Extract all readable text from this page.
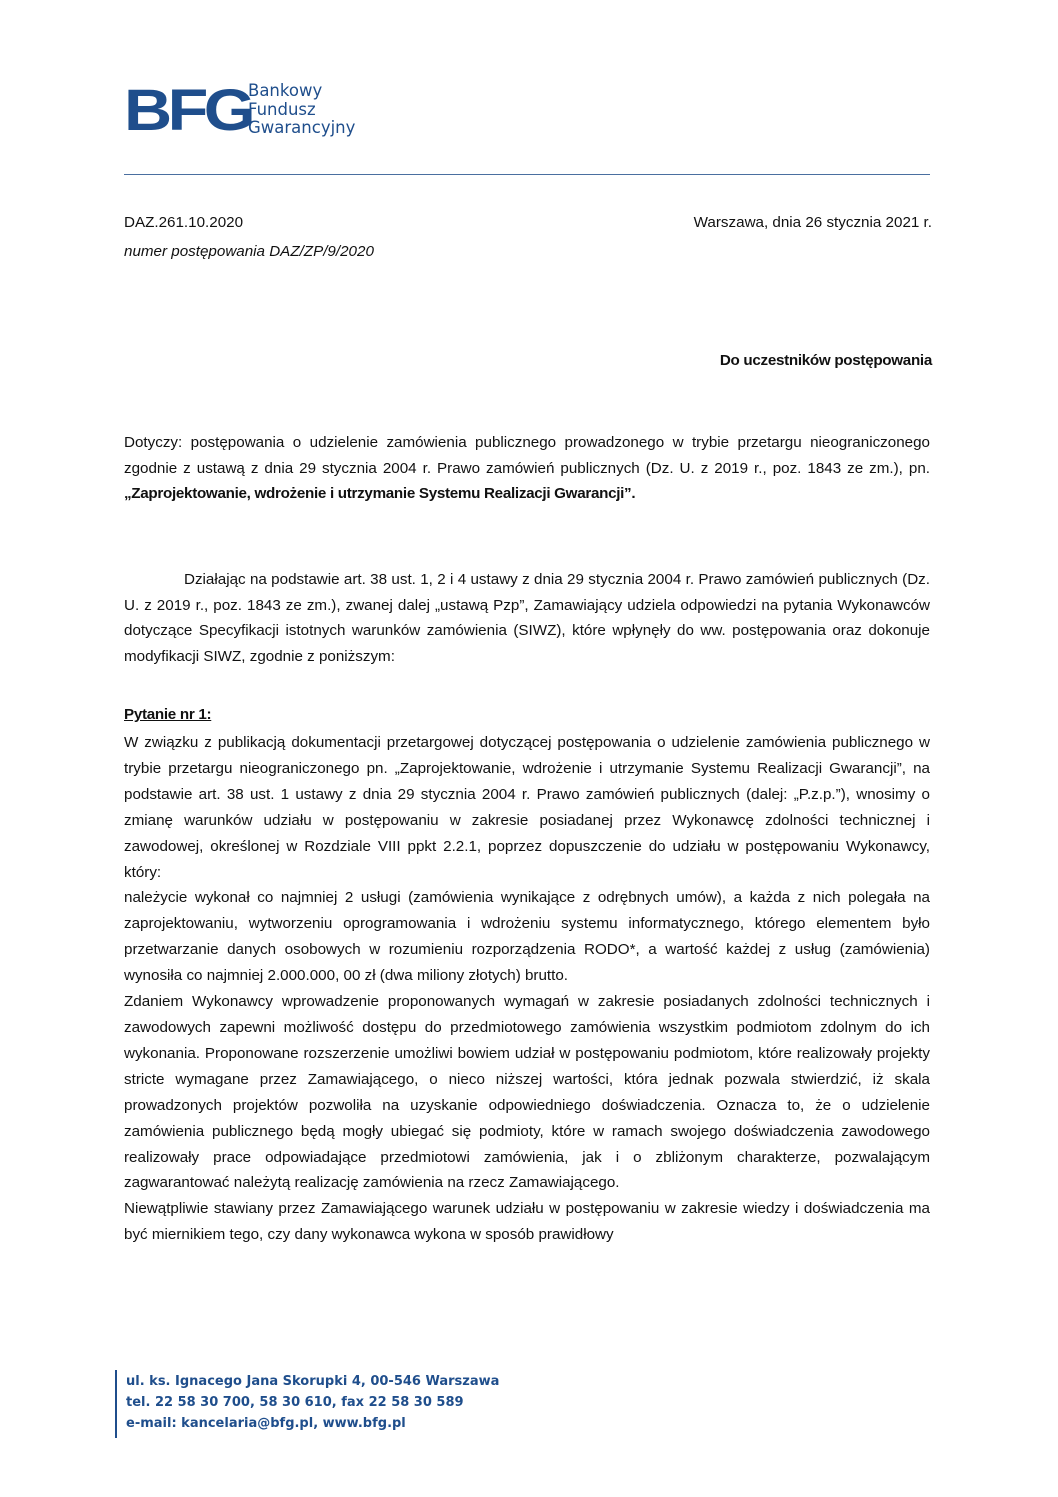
BFG
Bankowy
Fundusz
Gwarancyjny
DAZ.261.10.2020
numer postępowania DAZ/ZP/9/2020
Warszawa, dnia 26 stycznia 2021 r.
Do uczestników postępowania
Dotyczy: postępowania o udzielenie zamówienia publicznego prowadzonego w trybie przetargu nieograniczonego zgodnie z ustawą z dnia 29 stycznia 2004 r. Prawo zamówień publicznych (Dz. U. z 2019 r., poz. 1843 ze zm.), pn. „Zaprojektowanie, wdrożenie i utrzymanie Systemu Realizacji Gwarancji”.
Działając na podstawie art. 38 ust. 1, 2 i 4 ustawy z dnia 29 stycznia 2004 r. Prawo zamówień publicznych (Dz. U. z 2019 r., poz. 1843 ze zm.), zwanej dalej „ustawą Pzp”, Zamawiający udziela odpowiedzi na pytania Wykonawców dotyczące Specyfikacji istotnych warunków zamówienia (SIWZ), które wpłynęły do ww. postępowania oraz dokonuje modyfikacji SIWZ, zgodnie z poniższym:
Pytanie nr 1:

W związku z publikacją dokumentacji przetargowej dotyczącej postępowania o udzielenie zamówienia publicznego w trybie przetargu nieograniczonego pn. „Zaprojektowanie, wdrożenie i utrzymanie Systemu Realizacji Gwarancji”, na podstawie art. 38 ust. 1 ustawy z dnia 29 stycznia 2004 r. Prawo zamówień publicznych (dalej: „P.z.p.”), wnosimy o zmianę warunków udziału w postępowaniu w zakresie posiadanej przez Wykonawcę zdolności technicznej i zawodowej, określonej w Rozdziale VIII ppkt 2.2.1, poprzez dopuszczenie do udziału w postępowaniu Wykonawcy, który:

należycie wykonał co najmniej 2 usługi (zamówienia wynikające z odrębnych umów), a każda z nich polegała na zaprojektowaniu, wytworzeniu oprogramowania i wdrożeniu systemu informatycznego, którego elementem było przetwarzanie danych osobowych w rozumieniu rozporządzenia RODO*, a wartość każdej z usług (zamówienia) wynosiła co najmniej 2.000.000, 00 zł (dwa miliony złotych) brutto.

Zdaniem Wykonawcy wprowadzenie proponowanych wymagań w zakresie posiadanych zdolności technicznych i zawodowych zapewni możliwość dostępu do przedmiotowego zamówienia wszystkim podmiotom zdolnym do ich wykonania. Proponowane rozszerzenie umożliwi bowiem udział w postępowaniu podmiotom, które realizowały projekty stricte wymagane przez Zamawiającego, o nieco niższej wartości, która jednak pozwala stwierdzić, iż skala prowadzonych projektów pozwoliła na uzyskanie odpowiedniego doświadczenia. Oznacza to, że o udzielenie zamówienia publicznego będą mogły ubiegać się podmioty, które w ramach swojego doświadczenia zawodowego realizowały prace odpowiadające przedmiotowi zamówienia, jak i o zbliżonym charakterze, pozwalającym zagwarantować należytą realizację zamówienia na rzecz Zamawiającego.

Niewątpliwie stawiany przez Zamawiającego warunek udziału w postępowaniu w zakresie wiedzy i doświadczenia ma być miernikiem tego, czy dany wykonawca wykona w sposób prawidłowy

ul. ks. Ignacego Jana Skorupki 4, 00-546 Warszawa
tel. 22 58 30 700, 58 30 610, fax 22 58 30 589
e-mail: kancelaria@bfg.pl, www.bfg.pl
